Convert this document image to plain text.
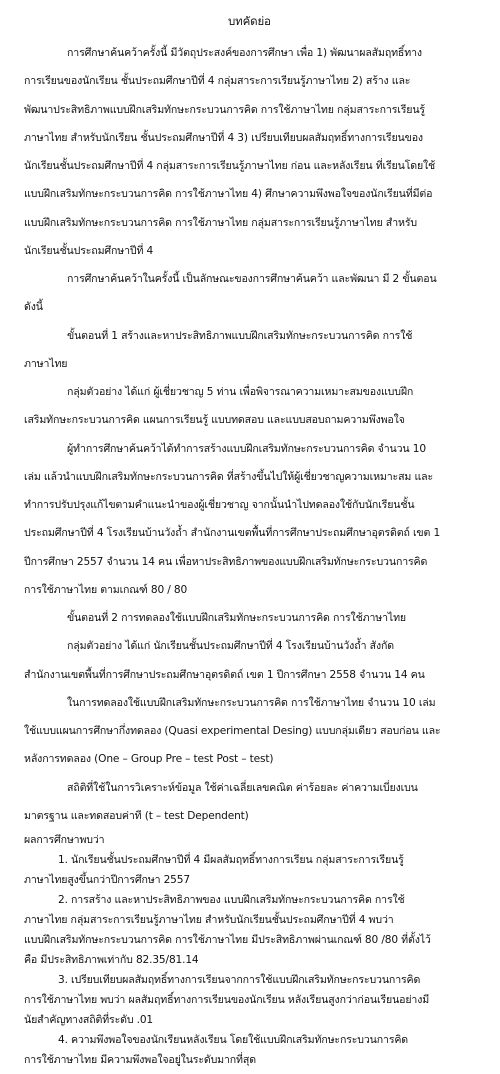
บทคัดย่อ
การศึกษาค้นคว้าครั้งนี้ มีวัตถุประสงค์ของการศึกษา เพื่อ 1) พัฒนาผลสัมฤทธิ์ทาง
การเรียนของนักเรียน ชั้นประถมศึกษาปีที่ 4 กลุ่มสาระการเรียนรู้ภาษาไทย 2) สร้าง และ
พัฒนาประสิทธิภาพแบบฝึกเสริมทักษะกระบวนการคิด การใช้ภาษาไทย กลุ่มสาระการเรียนรู้
ภาษาไทย สำหรับนักเรียน ชั้นประถมศึกษาปีที่ 4 3) เปรียบเทียบผลสัมฤทธิ์ทางการเรียนของ
นักเรียนชั้นประถมศึกษาปีที่ 4 กลุ่มสาระการเรียนรู้ภาษาไทย ก่อน และหลังเรียน ที่เรียนโดยใช้
แบบฝึกเสริมทักษะกระบวนการคิด การใช้ภาษาไทย 4) ศึกษาความพึงพอใจของนักเรียนที่มีต่อ
แบบฝึกเสริมทักษะกระบวนการคิด การใช้ภาษาไทย กลุ่มสาระการเรียนรู้ภาษาไทย สำหรับ
นักเรียนชั้นประถมศึกษาปีที่ 4
การศึกษาค้นคว้าในครั้งนี้ เป็นลักษณะของการศึกษาค้นคว้า และพัฒนา มี 2 ขั้นตอน
ดังนี้
ขั้นตอนที่ 1 สร้างและหาประสิทธิภาพแบบฝึกเสริมทักษะกระบวนการคิด การใช้
ภาษาไทย
กลุ่มตัวอย่าง ได้แก่ ผู้เชี่ยวชาญ 5 ท่าน เพื่อพิจารณาความเหมาะสมของแบบฝึก
เสริมทักษะกระบวนการคิด แผนการเรียนรู้ แบบทดสอบ และแบบสอบถามความพึงพอใจ
ผู้ทำการศึกษาค้นคว้าได้ทำการสร้างแบบฝึกเสริมทักษะกระบวนการคิด จำนวน 10
เล่ม แล้วนำแบบฝึกเสริมทักษะกระบวนการคิด ที่สร้างขึ้นไปให้ผู้เชี่ยวชาญความเหมาะสม และ
ทำการปรับปรุงแก้ไขตามคำแนะนำของผู้เชี่ยวชาญ จากนั้นนำไปทดลองใช้กับนักเรียนชั้น
ประถมศึกษาปีที่ 4 โรงเรียนบ้านวังถ้ำ สำนักงานเขตพื้นที่การศึกษาประถมศึกษาอุตรดิตถ์ เขต 1
ปีการศึกษา 2557 จำนวน 14 คน เพื่อหาประสิทธิภาพของแบบฝึกเสริมทักษะกระบวนการคิด
การใช้ภาษาไทย ตามเกณฑ์ 80 / 80
ขั้นตอนที่ 2 การทดลองใช้แบบฝึกเสริมทักษะกระบวนการคิด การใช้ภาษาไทย
กลุ่มตัวอย่าง ได้แก่ นักเรียนชั้นประถมศึกษาปีที่ 4 โรงเรียนบ้านวังถ้ำ สังกัด
สำนักงานเขตพื้นที่การศึกษาประถมศึกษาอุตรดิตถ์ เขต 1 ปีการศึกษา 2558 จำนวน 14 คน
ในการทดลองใช้แบบฝึกเสริมทักษะกระบวนการคิด การใช้ภาษาไทย จำนวน 10 เล่ม
ใช้แบบแผนการศึกษากึ่งทดลอง (Quasi experimental Desing) แบบกลุ่มเดียว สอบก่อน และ
หลังการทดลอง (One – Group Pre – test Post – test)
สถิติที่ใช้ในการวิเคราะห์ข้อมูล ใช้ค่าเฉลี่ยเลขคณิต ค่าร้อยละ ค่าความเบี่ยงเบน
มาตรฐาน และทดสอบค่าที (t – test Dependent)
ผลการศึกษาพบว่า
1. นักเรียนชั้นประถมศึกษาปีที่ 4 มีผลสัมฤทธิ์ทางการเรียน กลุ่มสาระการเรียนรู้
ภาษาไทยสูงขึ้นกว่าปีการศึกษา 2557
2. การสร้าง และหาประสิทธิภาพของ แบบฝึกเสริมทักษะกระบวนการคิด การใช้
ภาษาไทย กลุ่มสาระการเรียนรู้ภาษาไทย สำหรับนักเรียนชั้นประถมศึกษาปีที่ 4 พบว่า
แบบฝึกเสริมทักษะกระบวนการคิด การใช้ภาษาไทย มีประสิทธิภาพผ่านเกณฑ์ 80 /80 ที่ตั้งไว้
คือ มีประสิทธิภาพเท่ากับ 82.35/81.14
3. เปรียบเทียบผลสัมฤทธิ์ทางการเรียนจากการใช้แบบฝึกเสริมทักษะกระบวนการคิด
การใช้ภาษาไทย พบว่า ผลสัมฤทธิ์ทางการเรียนของนักเรียน หลังเรียนสูงกว่าก่อนเรียนอย่างมี
นัยสำคัญทางสถิติที่ระดับ .01
4. ความพึงพอใจของนักเรียนหลังเรียน โดยใช้แบบฝึกเสริมทักษะกระบวนการคิด
การใช้ภาษาไทย มีความพึงพอใจอยู่ในระดับมากที่สุด
